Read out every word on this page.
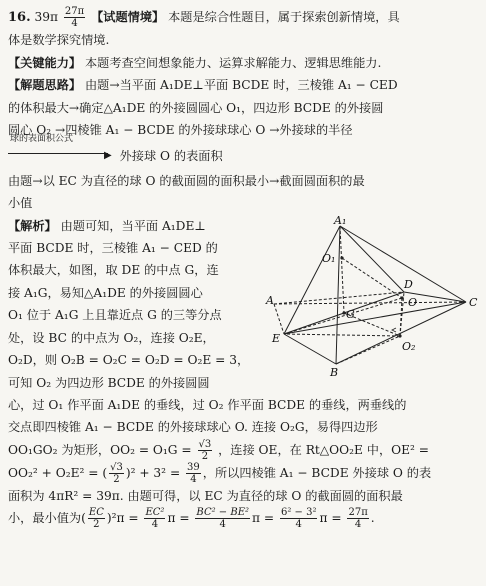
16. $39\pi \frac{27\pi}{4}$ 【试题情境】 本题是综合性题目，属于探索创新情境，具
体是数学探究情境.
【关键能力】 本题考查空间想象能力、运算求解能力、逻辑思维能力.
【解题思路】 由题→当平面 A₁DE⊥平面 BCDE 时，三棱锥 A₁ − CED
的体积最大→确定△A₁DE 的外接圆圆心 O₁，四边形 BCDE 的外接圆
圆心 O₂ →四棱锥 A₁ − BCDE 的外接球球心 O →外接球的半径
球的表面积公式
▶ 外接球 O 的表面积
由题→以 EC 为直径的球 O 的截面圆的面积最小→截面圆面积的最
小值
【解析】 由题可知，当平面 A₁DE⊥
平面 BCDE 时，三棱锥 A₁ − CED 的
体积最大，如图，取 DE 的中点 G，连
接 A₁G，易知△A₁DE 的外接圆圆心
O₁ 位于 A₁G 上且靠近点 G 的三等分点
处，设 BC 的中点为 O₂，连接 O₂E，
O₂D，则 O₂B = O₂C = O₂D = O₂E = 3，
可知 O₂ 为四边形 BCDE 的外接圆圆
心，过 O₁ 作平面 A₁DE 的垂线，过 O₂ 作平面 BCDE 的垂线，两垂线的
交点即四棱锥 A₁ − BCDE 的外接球球心 O. 连接 O₂G，易得四边形
OO₁GO₂ 为矩形，$OO_2 = O_1G = \frac{√3}{2}$ ，连接 OE，在 Rt△OO₂E 中，OE² =
OO₂² + O₂E² = ( $\frac{√3}{2} )^2 + 3^2 = \frac{39}{4}$ ，所以四棱锥 A₁ − BCDE 外接球 O 的表
面积为 4πR² = 39π. 由题可得，以 EC 为直径的球 O 的截面圆的面积最
小，最小值为( $\frac{EC}{2} )^2\pi = \frac{\text{EC²}}{4}$ $\pi = \frac{\text{BC² − BE²}}{4}$ $\pi = \frac{\text{6² − 3²}}{4}$ $\pi = \frac{27\pi}{4}$ .
A₁
O₁
D
O
G
A	C
E
O₂
B
